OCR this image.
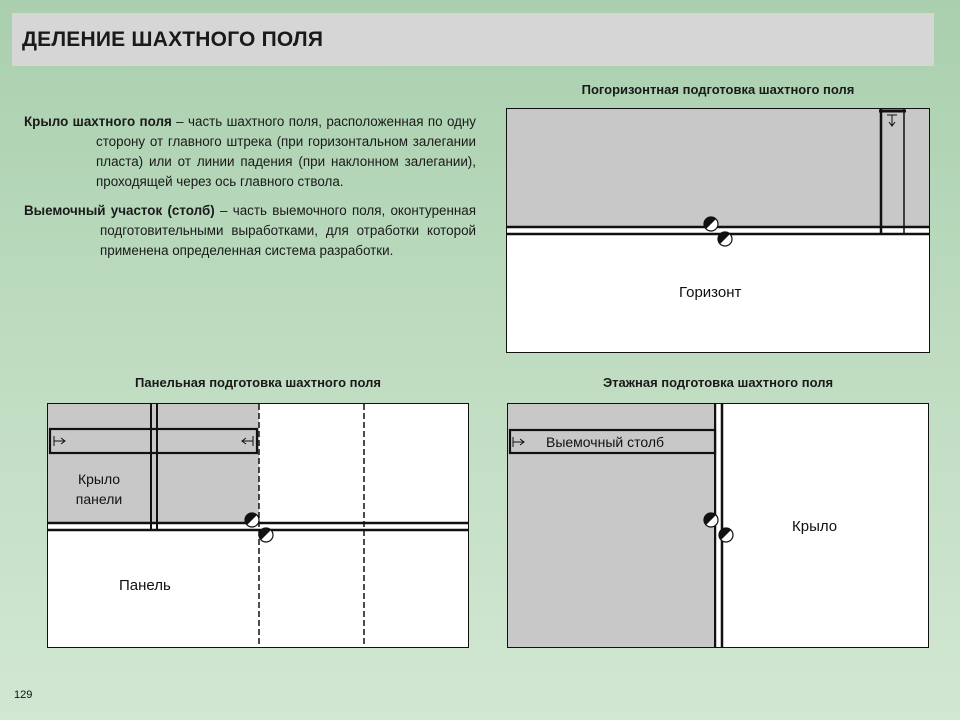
ДЕЛЕНИЕ ШАХТНОГО ПОЛЯ

Крыло шахтного поля – часть шахтного поля, расположенная по одну сторону от главного штрека (при горизонтальном залегании пласта) или от линии падения (при наклонном залегании), проходящей через ось главного ствола.

Выемочный участок (столб) – часть выемочного поля, оконтуренная подготовительными выработками, для отработки которой применена определенная система разработки.

Погоризонтная подготовка шахтного поля
Горизонт
Панельная подготовка шахтного поля
Крыло панели
Панель
Этажная подготовка шахтного поля
Выемочный столб
Крыло
129
